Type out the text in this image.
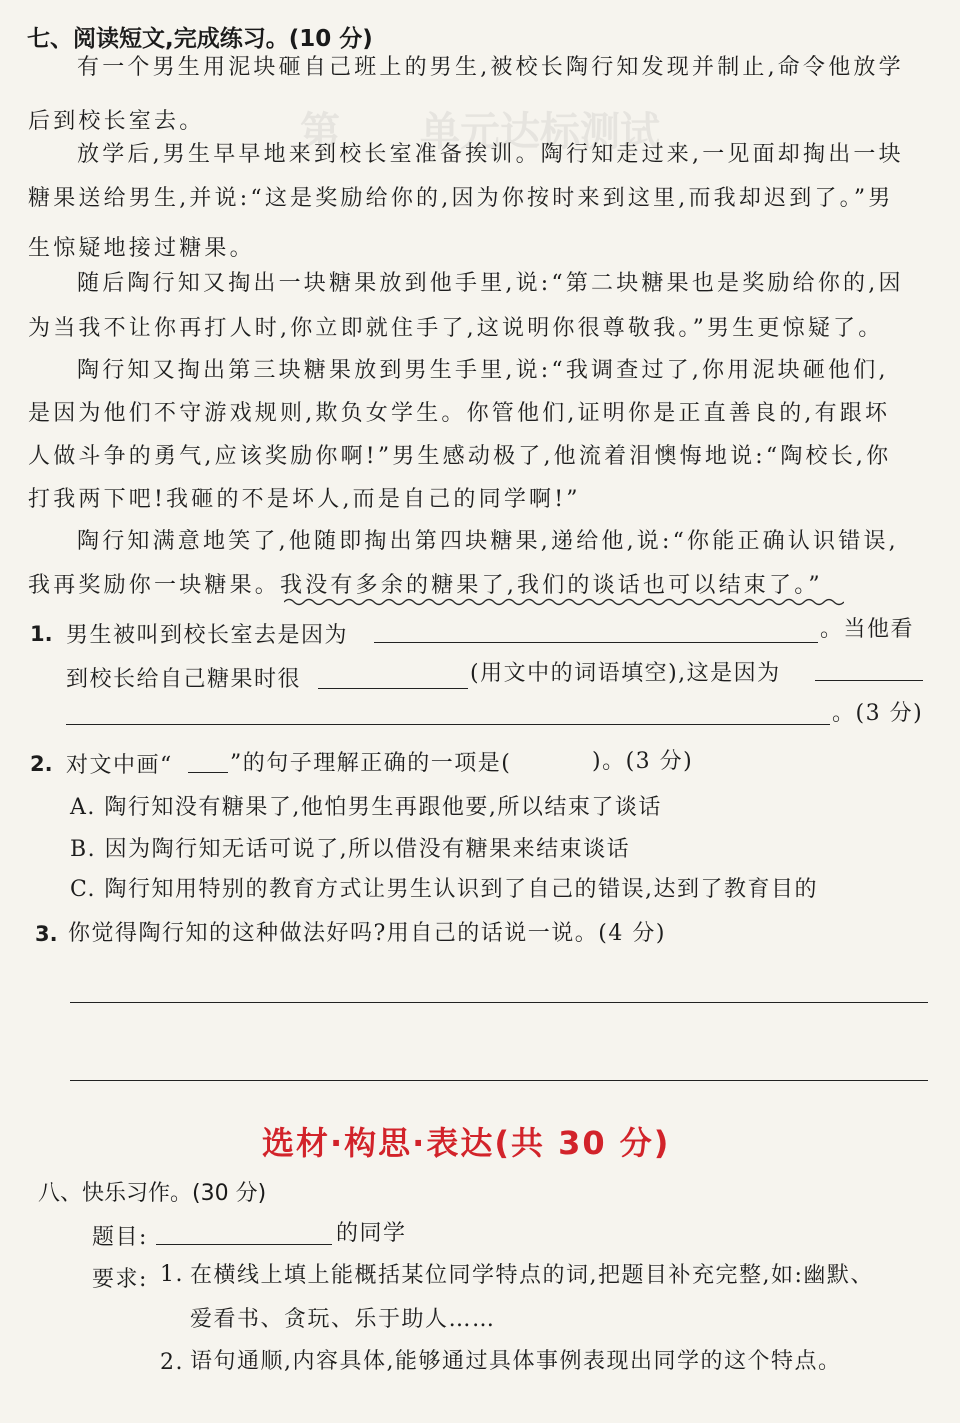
第 单元达标测试
七、阅读短文,完成练习。(10 分)
有一个男生用泥块砸自己班上的男生,被校长陶行知发现并制止,命令他放学
后到校长室去。
放学后,男生早早地来到校长室准备挨训。陶行知走过来,一见面却掏出一块
糖果送给男生,并说:“这是奖励给你的,因为你按时来到这里,而我却迟到了。”男
生惊疑地接过糖果。
随后陶行知又掏出一块糖果放到他手里,说:“第二块糖果也是奖励给你的,因
为当我不让你再打人时,你立即就住手了,这说明你很尊敬我。”男生更惊疑了。
陶行知又掏出第三块糖果放到男生手里,说:“我调查过了,你用泥块砸他们,
是因为他们不守游戏规则,欺负女学生。你管他们,证明你是正直善良的,有跟坏
人做斗争的勇气,应该奖励你啊!”男生感动极了,他流着泪懊悔地说:“陶校长,你
打我两下吧!我砸的不是坏人,而是自己的同学啊!”
陶行知满意地笑了,他随即掏出第四块糖果,递给他,说:“你能正确认识错误,
我再奖励你一块糖果。我没有多余的糖果了,我们的谈话也可以结束了。”
1. 男生被叫到校长室去是因为	。当他看
到校长给自己糖果时很	(用文中的词语填空),这是因为
。(3 分)
2. 对文中画“	”的句子理解正确的一项是(	)。(3 分)
A. 陶行知没有糖果了,他怕男生再跟他要,所以结束了谈话
B. 因为陶行知无话可说了,所以借没有糖果来结束谈话
C. 陶行知用特别的教育方式让男生认识到了自己的错误,达到了教育目的
3. 你觉得陶行知的这种做法好吗?用自己的话说一说。(4 分)
选材·构思·表达(共 30 分)
八、快乐习作。(30 分)
题目:	的同学
要求: 1. 在横线上填上能概括某位同学特点的词,把题目补充完整,如:幽默、
爱看书、贪玩、乐于助人……
2. 语句通顺,内容具体,能够通过具体事例表现出同学的这个特点。
